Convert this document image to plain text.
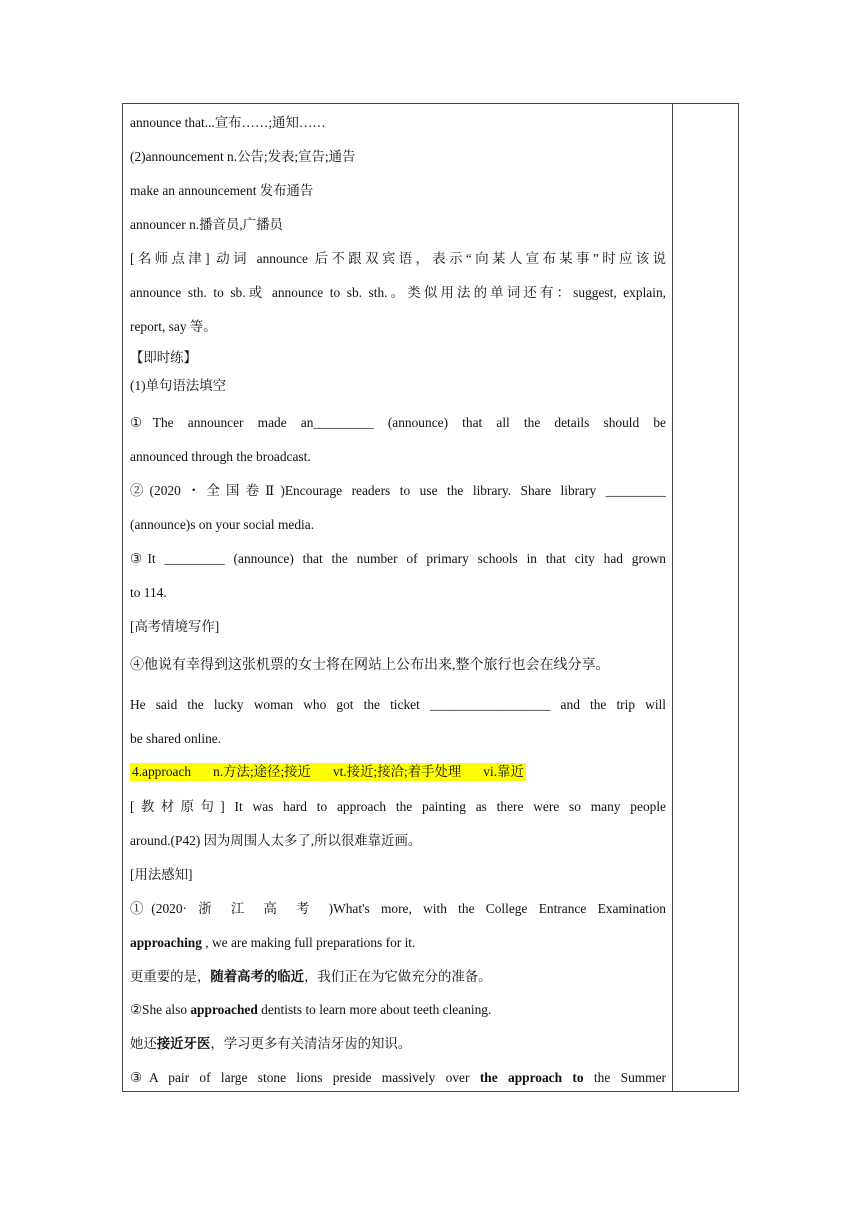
announce that...宣布……;通知……
(2)announcement n.公告;发表;宣告;通告
make an announcement 发布通告
announcer n.播音员,广播员
[名师点津] 动词 announce 后不跟双宾语，表示“向某人宣布某事”时应该说
announce sth. to sb.或 announce to sb. sth.。类似用法的单词还有：suggest, explain,
report, say 等。
【即时练】
(1)单句语法填空
①The announcer made an_________ (announce) that all the details should be
announced through the broadcast.
②(2020・全国卷Ⅱ)Encourage readers to use the library. Share library _________
(announce)s on your social media.
③It _________ (announce) that the number of primary schools in that city had grown
to 114.
[高考情境写作]
④他说有幸得到这张机票的女士将在网站上公布出来,整个旅行也会在线分享。
He said the lucky woman who got the ticket __________________ and the trip will
be shared online.
4.approach n.方法;途径;接近 vt.接近;接洽;着手处理 vi.靠近
[教材原句] It was hard to approach the painting as there were so many people
around.(P42) 因为周围人太多了,所以很难靠近画。
[用法感知]
①(2020· 浙 江 高 考 )What's more, with the College Entrance Examination
approaching , we are making full preparations for it.
更重要的是，随着高考的临近，我们正在为它做充分的准备。
②She also approached dentists to learn more about teeth cleaning.
她还接近牙医，学习更多有关清洁牙齿的知识。
③A pair of large stone lions preside massively over the approach to the Summer
